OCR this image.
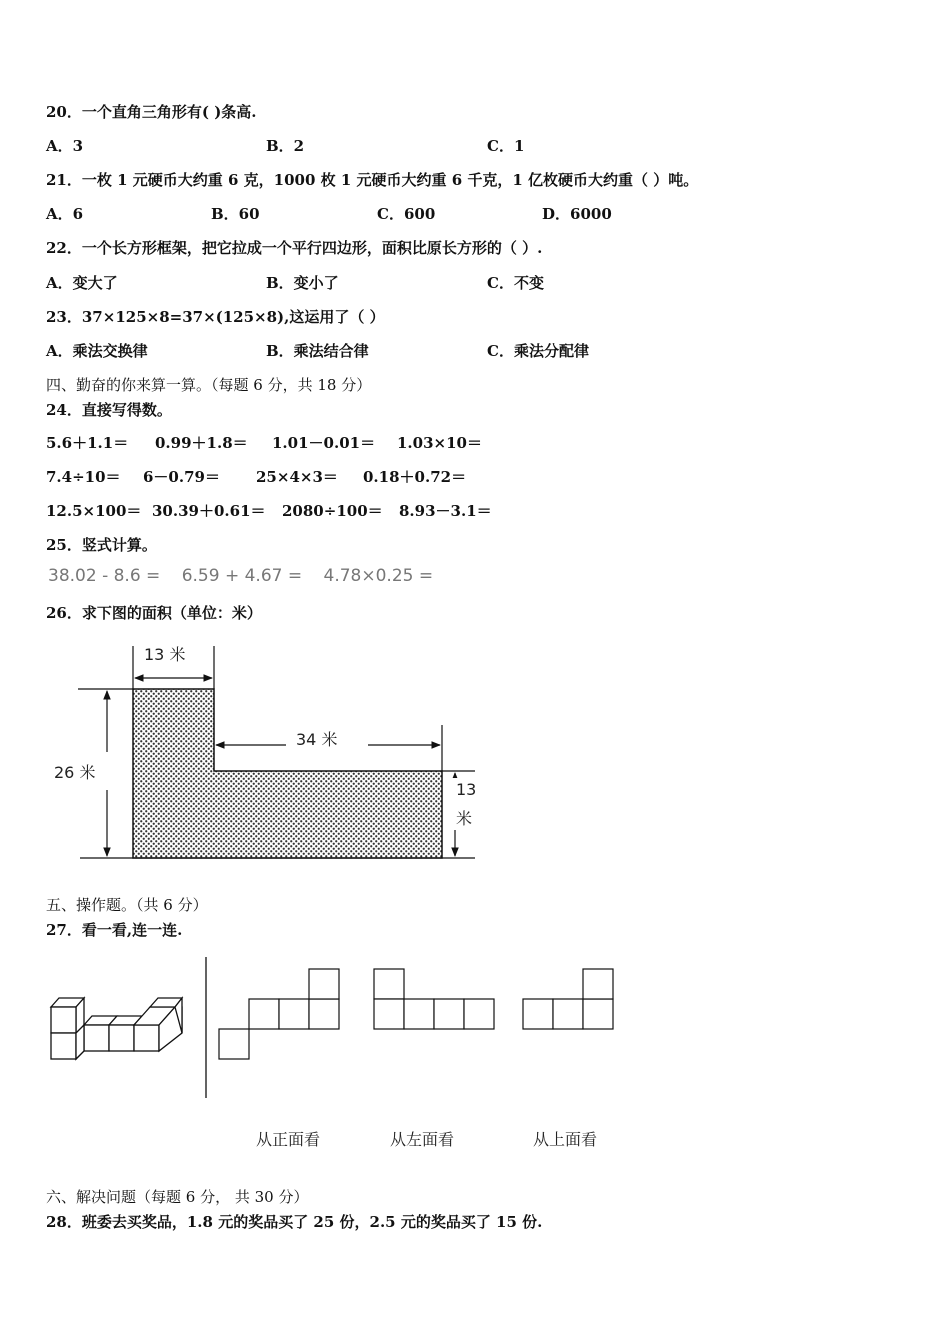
20．一个直角三角形有( )条高.
A．3	B．2	C．1
21．一枚 1 元硬币大约重 6 克，1000 枚 1 元硬币大约重 6 千克，1 亿枚硬币大约重（ ）吨。
A．6	B．60	C．600	D．6000
22．一个长方形框架，把它拉成一个平行四边形，面积比原长方形的（ ）.
A．变大了	B．变小了	C．不变
23．37×125×8=37×(125×8),这运用了（ ）
A．乘法交换律	B．乘法结合律	C．乘法分配律
四、勤奋的你来算一算。（每题 6 分，共 18 分）
24．直接写得数。
5.6＋1.1＝ 0.99＋1.8＝ 1.01－0.01＝ 1.03×10＝
7.4÷10＝ 6－0.79＝ 25×4×3＝ 0.18＋0.72＝
12.5×100＝ 30.39＋0.61＝ 2080÷100＝ 8.93－3.1＝
25．竖式计算。
38.02 - 8.6 = 6.59 + 4.67 = 4.78×0.25 =
26．求下图的面积（单位：米）
13 米
34 米
26 米
13
米
五、操作题。（共 6 分）
27．看一看,连一连.
从正面看	从左面看	从上面看
六、解决问题（每题 6 分， 共 30 分）
28．班委去买奖品，1.8 元的奖品买了 25 份，2.5 元的奖品买了 15 份.
